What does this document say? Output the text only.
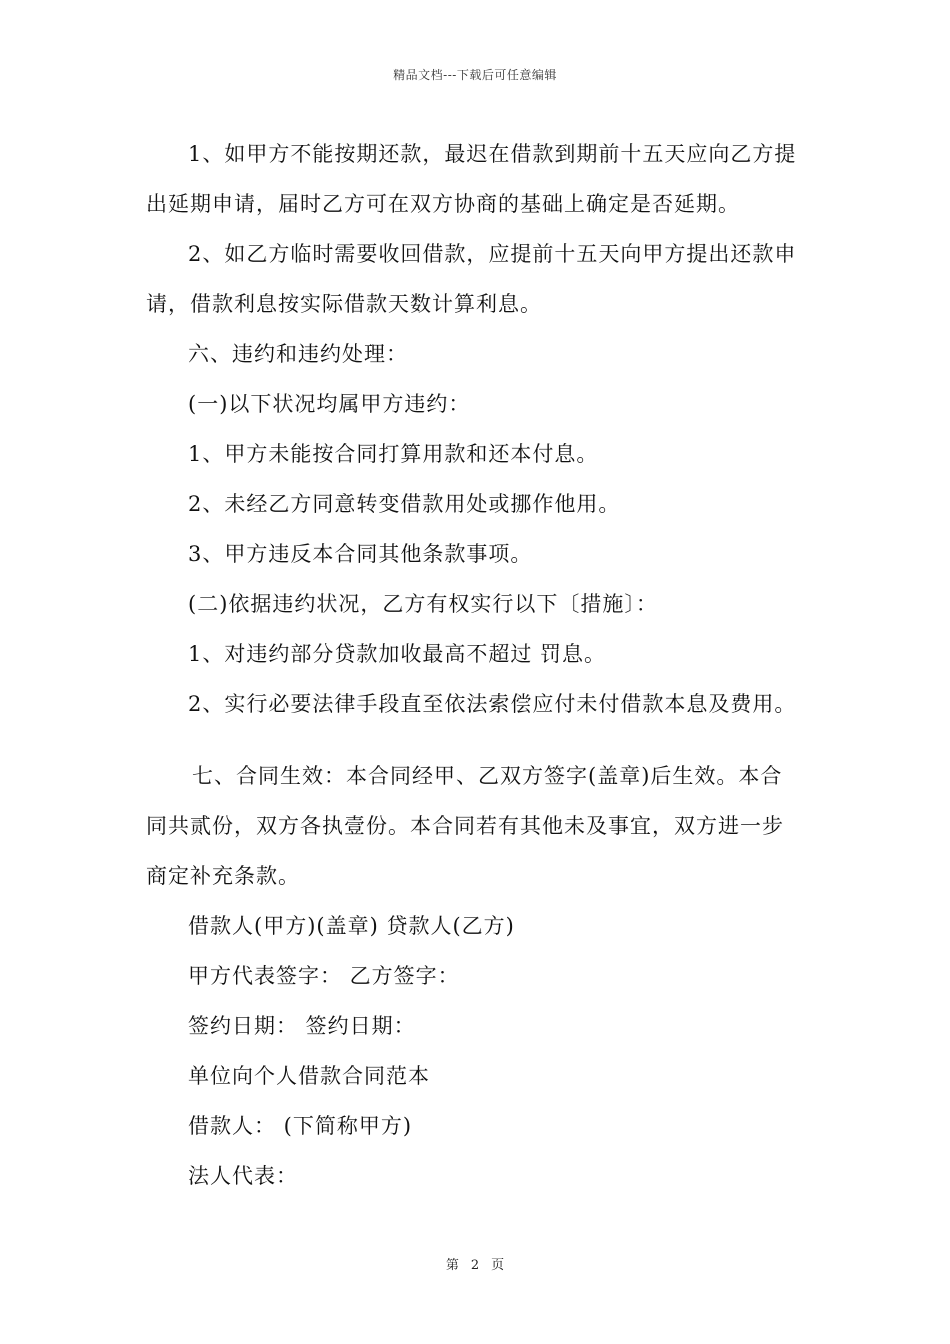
精品文档---下载后可任意编辑
1、如甲方不能按期还款，最迟在借款到期前十五天应向乙方提
出延期申请，届时乙方可在双方协商的基础上确定是否延期。
2、如乙方临时需要收回借款，应提前十五天向甲方提出还款申
请，借款利息按实际借款天数计算利息。
六、违约和违约处理：
(一)以下状况均属甲方违约：
1、甲方未能按合同打算用款和还本付息。
2、未经乙方同意转变借款用处或挪作他用。
3、甲方违反本合同其他条款事项。
(二)依据违约状况，乙方有权实行以下〔措施〕：
1、对违约部分贷款加收最高不超过 罚息。
2、实行必要法律手段直至依法索偿应付未付借款本息及费用。
七、合同生效：本合同经甲、乙双方签字(盖章)后生效。本合
同共贰份，双方各执壹份。本合同若有其他未及事宜，双方进一步
商定补充条款。
借款人(甲方)(盖章) 贷款人(乙方)
甲方代表签字： 乙方签字：
签约日期： 签约日期：
单位向个人借款合同范本
借款人： (下简称甲方)
法人代表：
第 2 页
